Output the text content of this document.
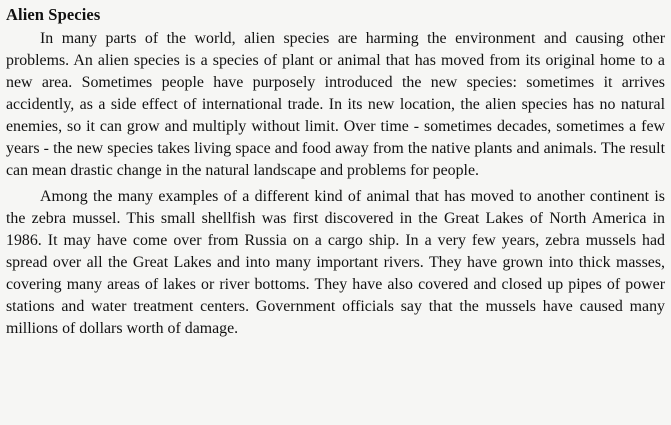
Alien Species

In many parts of the world, alien species are harming the environment and causing other problems. An alien species is a species of plant or animal that has moved from its original home to a new area. Sometimes people have purposely introduced the new species: sometimes it arrives accidently, as a side effect of international trade. In its new location, the alien species has no natural enemies, so it can grow and multiply without limit. Over time - sometimes decades, sometimes a few years - the new species takes living space and food away from the native plants and animals. The result can mean drastic change in the natural landscape and problems for people.

Among the many examples of a different kind of animal that has moved to another continent is the zebra mussel. This small shellfish was first discovered in the Great Lakes of North America in 1986. It may have come over from Russia on a cargo ship. In a very few years, zebra mussels had spread over all the Great Lakes and into many important rivers. They have grown into thick masses, covering many areas of lakes or river bottoms. They have also covered and closed up pipes of power stations and water treatment centers. Government officials say that the mussels have caused many millions of dollars worth of damage.
